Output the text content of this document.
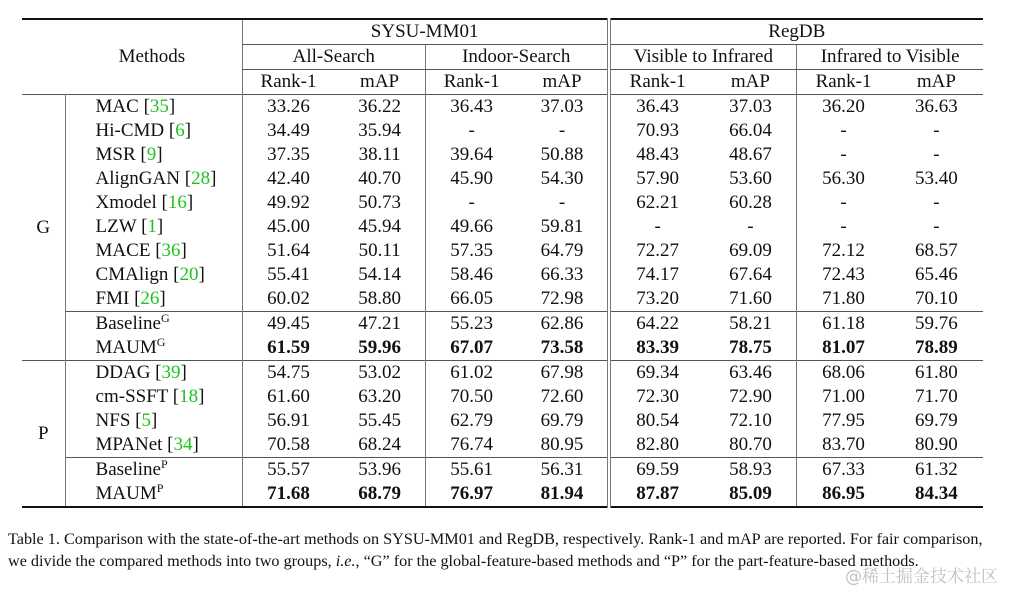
Methods		SYSU-MM01				RegDB			
		All-Search		Indoor-Search		Visible to Infrared		Infrared to Visible	
		Rank-1	mAP	Rank-1	mAP	Rank-1	mAP	Rank-1	mAP
G	MAC [35]	33.26	36.22	36.43	37.03	36.43	37.03	36.20	36.63
	Hi-CMD [6]	34.49	35.94	-	-	70.93	66.04	-	-
	MSR [9]	37.35	38.11	39.64	50.88	48.43	48.67	-	-
	AlignGAN [28]	42.40	40.70	45.90	54.30	57.90	53.60	56.30	53.40
	Xmodel [16]	49.92	50.73	-	-	62.21	60.28	-	-
	LZW [1]	45.00	45.94	49.66	59.81	-	-	-	-
	MACE [36]	51.64	50.11	57.35	64.79	72.27	69.09	72.12	68.57
	CMAlign [20]	55.41	54.14	58.46	66.33	74.17	67.64	72.43	65.46
	FMI [26]	60.02	58.80	66.05	72.98	73.20	71.60	71.80	70.10
	Baseline$^G$	49.45	47.21	55.23	62.86	64.22	58.21	61.18	59.76
	$MAUM^G$	61.59	59.96	67.07	73.58	83.39	78.75	81.07	78.89
P	DDAG [39]	54.75	53.02	61.02	67.98	69.34	63.46	68.06	61.80
	cm-SSFT [18]	61.60	63.20	70.50	72.60	72.30	72.90	71.00	71.70
	NFS [5]	56.91	55.45	62.79	69.79	80.54	72.10	77.95	69.79
	MPANet [34]	70.58	68.24	76.74	80.95	82.80	80.70	83.70	80.90
	Baseline$^P$	55.57	53.96	55.61	56.31	69.59	58.93	67.33	61.32
	$MAUM^P$	71.68	68.79	76.97	81.94	87.87	85.09	86.95	84.34
Table 1. Comparison with the state-of-the-art methods on SYSU-MM01 and RegDB, respectively. Rank-1 and mAP are reported. For fair comparison, we divide the compared methods into two groups, i.e., “G” for the global-feature-based methods and “P” for the part-feature-based methods.
@稀土掘金技术社区
